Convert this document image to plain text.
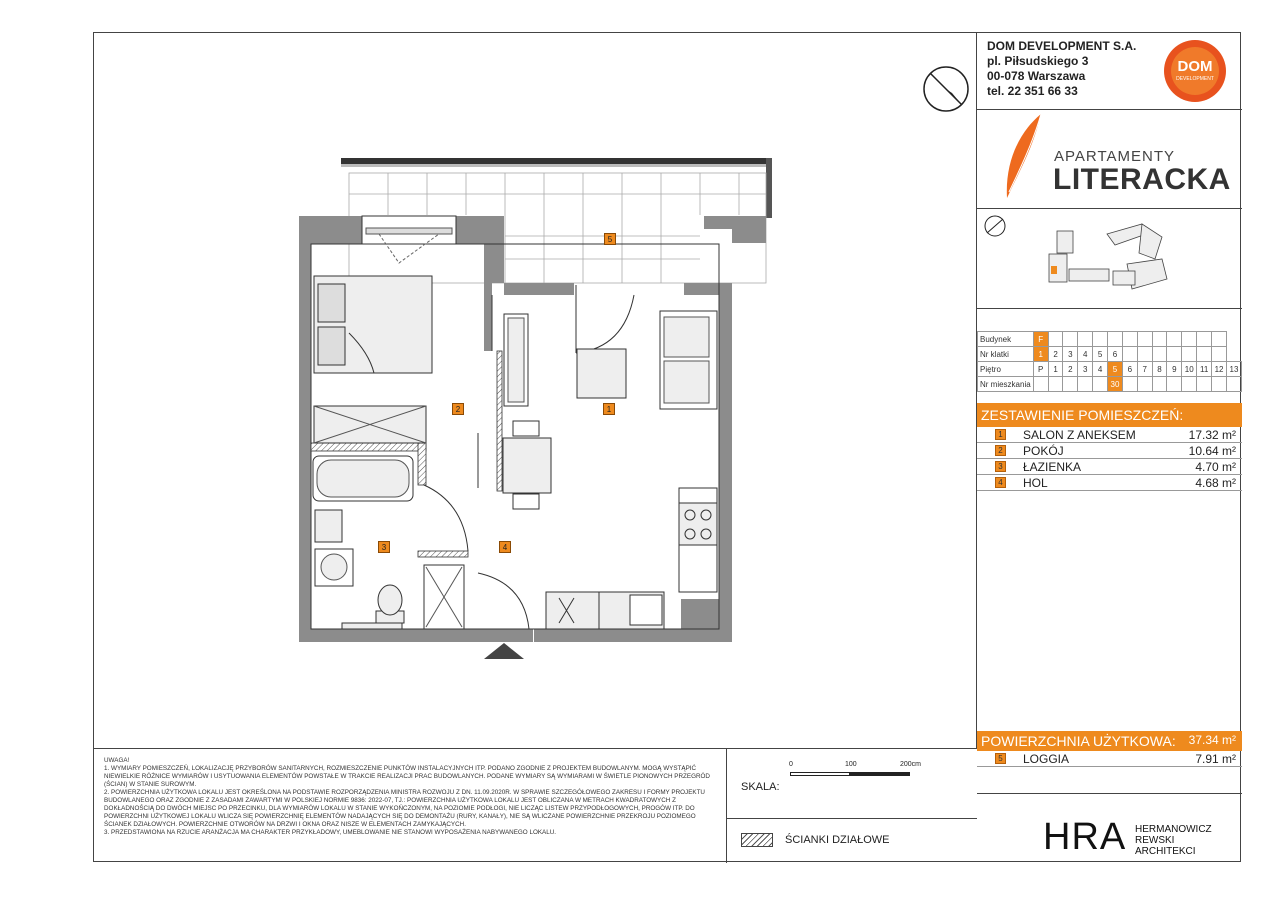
1
2
3	4
5

UWAGA!

1. WYMIARY POMIESZCZEŃ, LOKALIZACJĘ PRZYBORÓW SANITARNYCH, ROZMIESZCZENIE PUNKTÓW INSTALACYJNYCH ITP. PODANO ZGODNIE Z PROJEKTEM BUDOWLANYM. MOGĄ WYSTĄPIĆ NIEWIELKIE RÓŻNICE WYMIARÓW I USYTUOWANIA ELEMENTÓW POWSTAŁE W TRAKCIE REALIZACJI PRAC BUDOWLANYCH. PODANE WYMIARY SĄ WYMIARAMI W ŚWIETLE PIONOWYCH PRZEGRÓD (ŚCIAN) W STANIE SUROWYM.

2. POWIERZCHNIA UŻYTKOWA LOKALU JEST OKREŚLONA NA PODSTAWIE ROZPORZĄDZENIA MINISTRA ROZWOJU Z DN. 11.09.2020R. W SPRAWIE SZCZEGÓŁOWEGO ZAKRESU I FORMY PROJEKTU BUDOWLANEGO ORAZ ZGODNIE Z ZASADAMI ZAWARTYMI W POLSKIEJ NORMIE 9836: 2022-07, TJ.: POWIERZCHNIA UŻYTKOWA LOKALU JEST OBLICZANA W METRACH KWADRATOWYCH Z DOKŁADNOŚCIĄ DO DWÓCH MIEJSC PO PRZECINKU, DLA WYMIARÓW LOKALU W STANIE WYKOŃCZONYM, NA POZIOMIE PODŁOGI, NIE LICZĄC LISTEW PRZYPODŁOGOWYCH, PROGÓW ITP. DO POWIERZCHNI UŻYTKOWEJ LOKALU WLICZA SIĘ POWIERZCHNIĘ ELEMENTÓW NADAJĄCYCH SIĘ DO DEMONTAŻU (RURY, KANAŁY), NIE SĄ WLICZANE POWIERZCHNIE PRZEKROJU POZIOMEGO ŚCIANEK DZIAŁOWYCH. POWIERZCHNIE OTWORÓW NA DRZWI I OKNA ORAZ NISZE W ELEMENTACH ZAMYKAJĄCYCH.

3. PRZEDSTAWIONA NA RZUCIE ARANŻACJA MA CHARAKTER PRZYKŁADOWY, UMEBLOWANIE NIE STANOWI WYPOSAŻENIA NABYWANEGO LOKALU.

SKALA:
0	100	200cm
ŚCIANKI DZIAŁOWE
DOM DEVELOPMENT S.A.
pl. Piłsudskiego 3
00-078 Warszawa
tel. 22 351 66 33
DOM
DEVELOPMENT
APARTAMENTY
LITERACKA
Budynek	F													
Nr klatki	1	2	3	4	5	6								
Piętro	P	1	2	3	4	5	6	7	8	9	10	11	12	13
Nr mieszkania						30								
ZESTAWIENIE POMIESZCZEŃ:
1 SALON Z ANEKSEM	17.32 m²
2 POKÓJ	10.64 m²
3 ŁAZIENKA	4.70 m²
4 HOL	4.68 m²
POWIERZCHNIA UŻYTKOWA: 37.34 m²
5 LOGGIA	7.91 m²
HRA HERMANOWICZ
REWSKI
ARCHITEKCI
